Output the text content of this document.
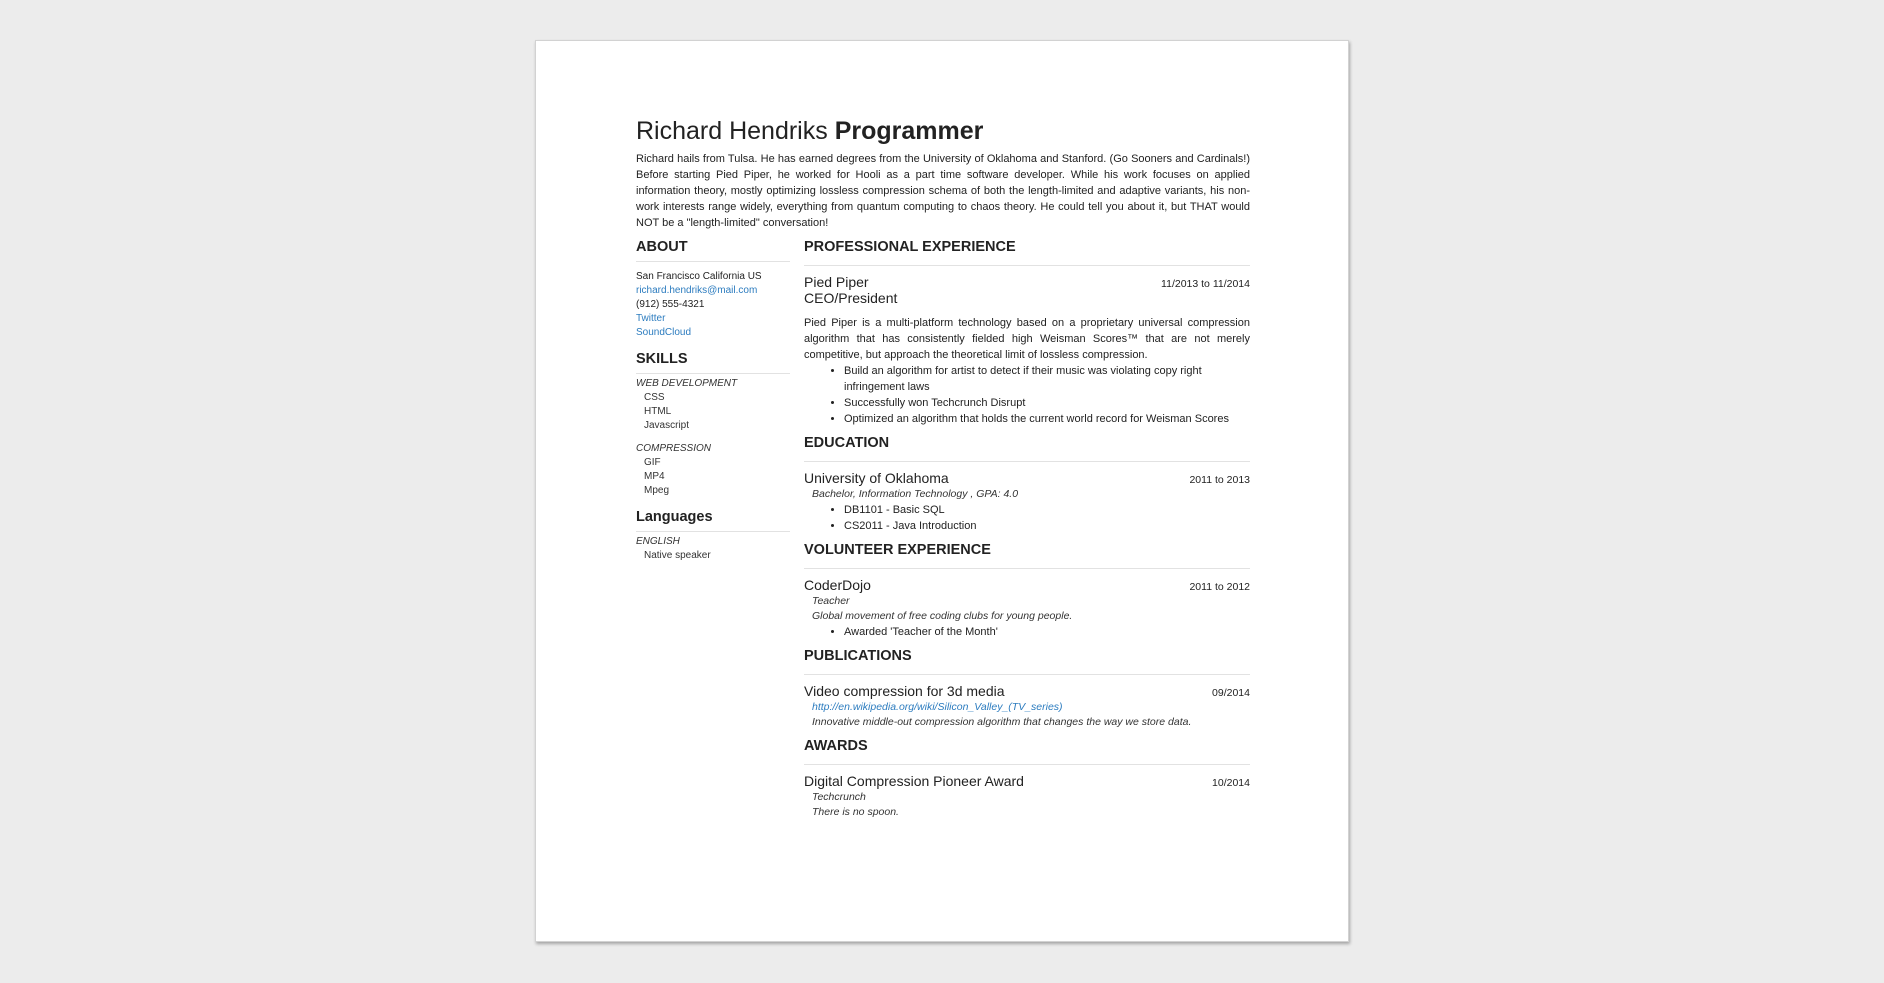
Richard Hendriks Programmer

Richard hails from Tulsa. He has earned degrees from the University of Oklahoma and Stanford. (Go Sooners and Cardinals!) Before starting Pied Piper, he worked for Hooli as a part time software developer. While his work focuses on applied information theory, mostly optimizing lossless compression schema of both the length-limited and adaptive variants, his non-work interests range widely, everything from quantum computing to chaos theory. He could tell you about it, but THAT would NOT be a "length-limited" conversation!

ABOUT
San Francisco California US
richard.hendriks@mail.com
(912) 555-4321
Twitter
SoundCloud
SKILLS
WEB DEVELOPMENT
CSS
HTML
Javascript
COMPRESSION
GIF
MP4
Mpeg
Languages
ENGLISH
Native speaker
PROFESSIONAL EXPERIENCE
Pied Piper
CEO/President
11/2013 to 11/2014
Pied Piper is a multi-platform technology based on a proprietary universal compression algorithm that has consistently fielded high Weisman Scores™ that are not merely competitive, but approach the theoretical limit of lossless compression.
• Build an algorithm for artist to detect if their music was violating copy right infringement laws
• Successfully won Techcrunch Disrupt
• Optimized an algorithm that holds the current world record for Weisman Scores
EDUCATION
University of Oklahoma	2011 to 2013
Bachelor, Information Technology , GPA: 4.0
• DB1101 - Basic SQL
• CS2011 - Java Introduction
VOLUNTEER EXPERIENCE
CoderDojo	2011 to 2012
Teacher
Global movement of free coding clubs for young people.
• Awarded 'Teacher of the Month'
PUBLICATIONS
Video compression for 3d media	09/2014
http://en.wikipedia.org/wiki/Silicon_Valley_(TV_series)
Innovative middle-out compression algorithm that changes the way we store data.
AWARDS
Digital Compression Pioneer Award	10/2014
Techcrunch
There is no spoon.
